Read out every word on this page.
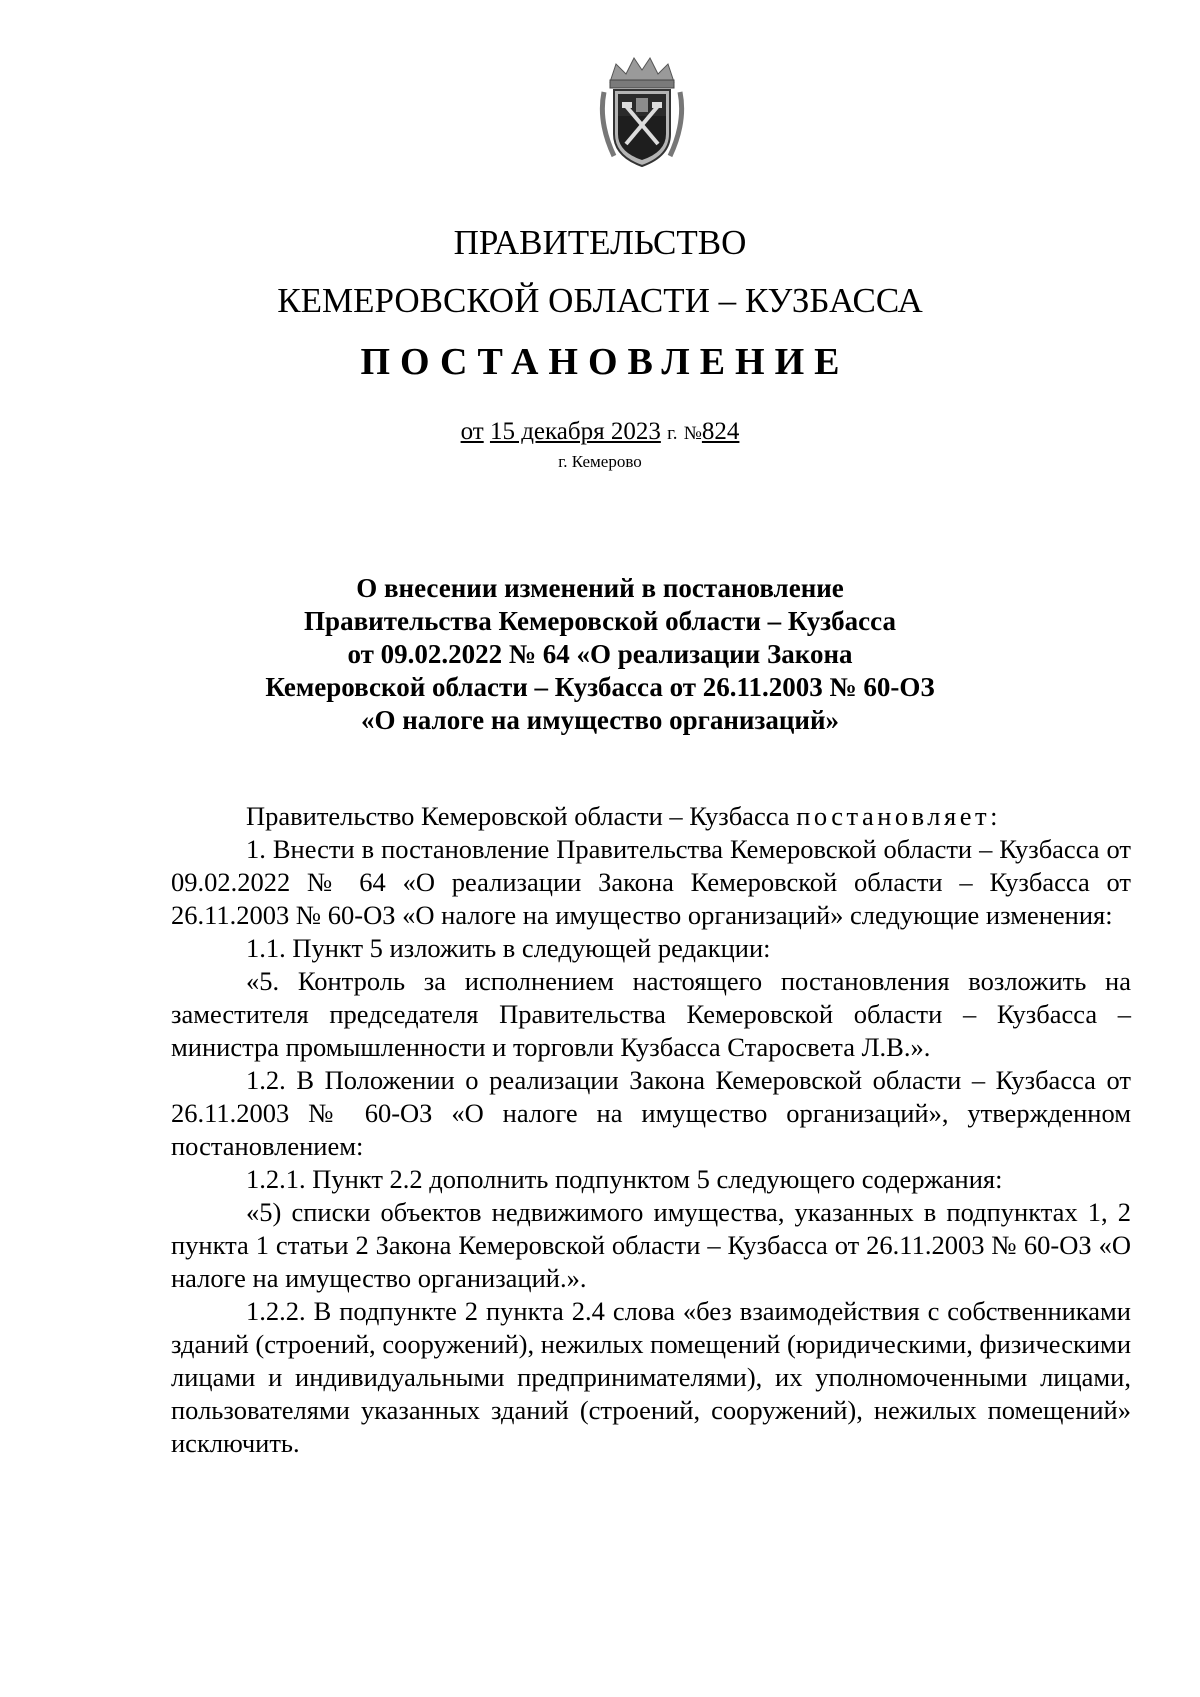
ПРАВИТЕЛЬСТВО
КЕМЕРОВСКОЙ ОБЛАСТИ – КУЗБАССА
ПОСТАНОВЛЕНИЕ
от 15 декабря 2023 г. №824
г. Кемерово
О внесении изменений в постановление
Правительства Кемеровской области – Кузбасса
от 09.02.2022 № 64 «О реализации Закона
Кемеровской области – Кузбасса от 26.11.2003 № 60-ОЗ
«О налоге на имущество организаций»

Правительство Кемеровской области – Кузбасса постановляет:

1. Внести в постановление Правительства Кемеровской области – Кузбасса от 09.02.2022 № 64 «О реализации Закона Кемеровской области – Кузбасса от 26.11.2003 № 60-ОЗ «О налоге на имущество организаций» следующие изменения:

1.1. Пункт 5 изложить в следующей редакции:

«5. Контроль за исполнением настоящего постановления возложить на заместителя председателя Правительства Кемеровской области – Кузбасса – министра промышленности и торговли Кузбасса Старосвета Л.В.».

1.2. В Положении о реализации Закона Кемеровской области – Кузбасса от 26.11.2003 № 60-ОЗ «О налоге на имущество организаций», утвержденном постановлением:

1.2.1. Пункт 2.2 дополнить подпунктом 5 следующего содержания:

«5) списки объектов недвижимого имущества, указанных в подпунктах 1, 2 пункта 1 статьи 2 Закона Кемеровской области – Кузбасса от 26.11.2003 № 60-ОЗ «О налоге на имущество организаций.».

1.2.2. В подпункте 2 пункта 2.4 слова «без взаимодействия с собственниками зданий (строений, сооружений), нежилых помещений (юридическими, физическими лицами и индивидуальными предпринимателями), их уполномоченными лицами, пользователями указанных зданий (строений, сооружений), нежилых помещений» исключить.
